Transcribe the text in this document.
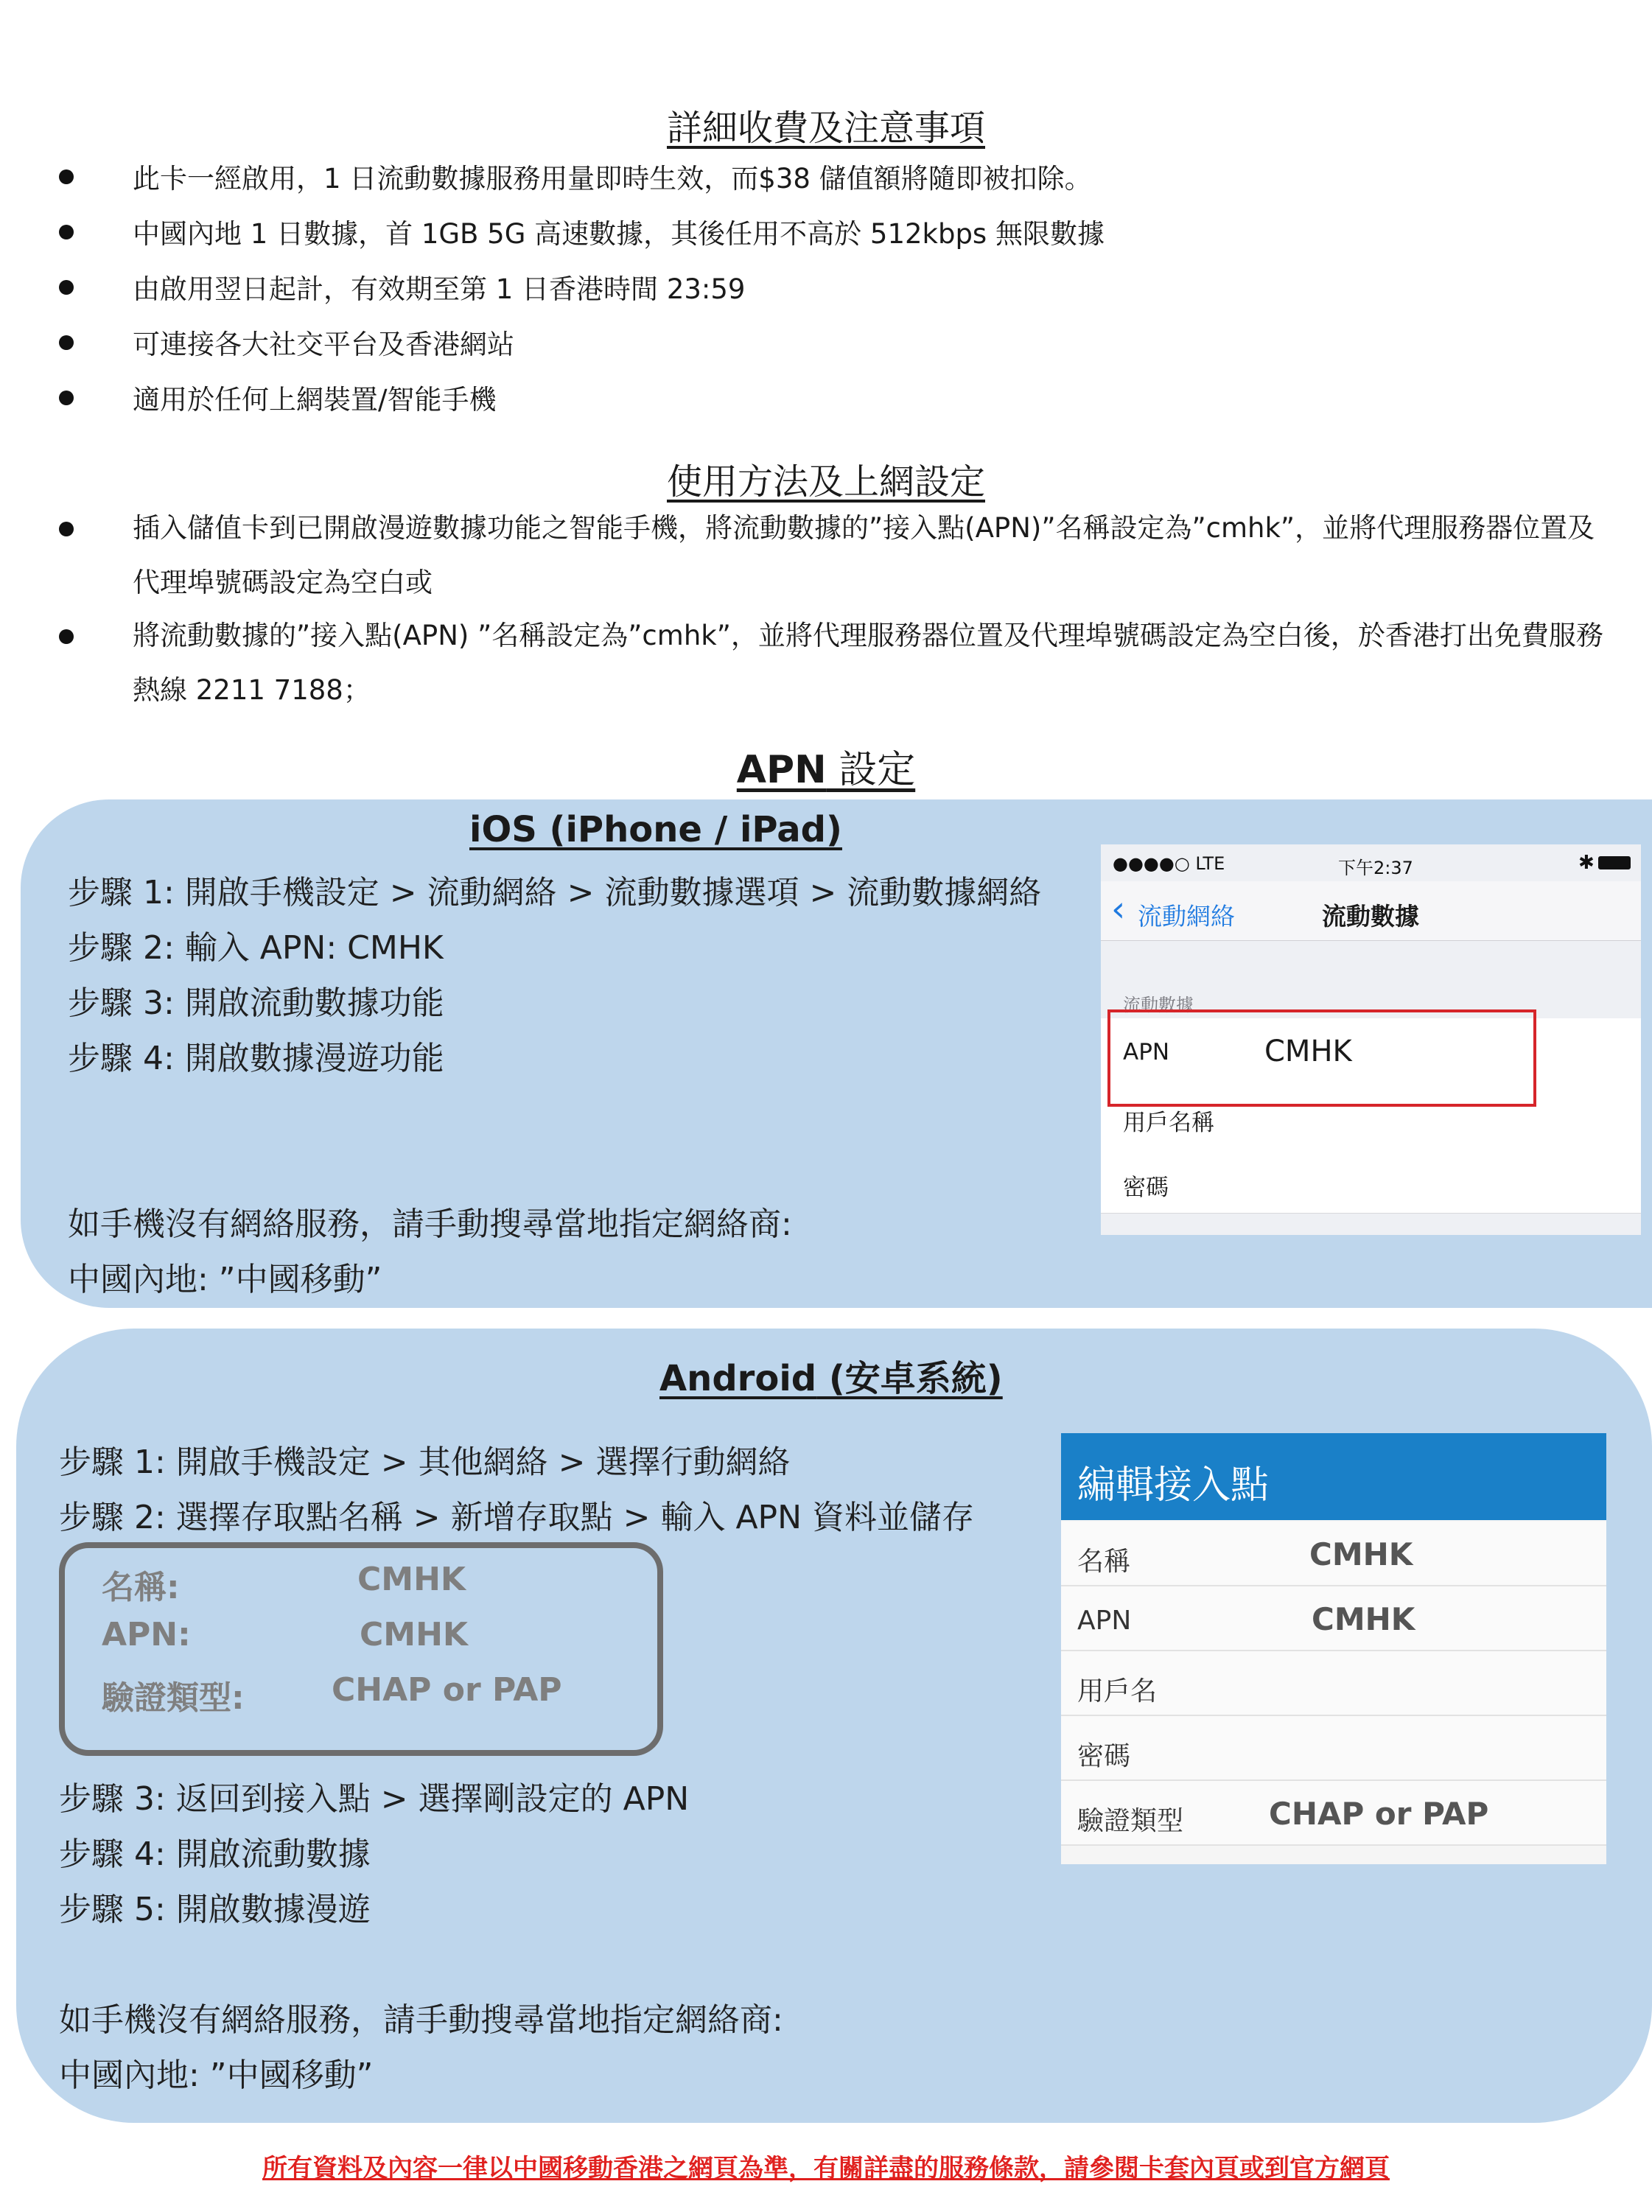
詳細收費及注意事項
此卡一經啟用，1 日流動數據服務用量即時生效，而$38 儲值額將隨即被扣除。
中國內地 1 日數據，首 1GB 5G 高速數據，其後任用不高於 512kbps 無限數據
由啟用翌日起計，有效期至第 1 日香港時間 23:59
可連接各大社交平台及香港網站
適用於任何上網裝置/智能手機
使用方法及上網設定
插入儲值卡到已開啟漫遊數據功能之智能手機，將流動數據的”接入點(APN)”名稱設定為”cmhk”，並將代理服務器位置及代理埠號碼設定為空白或
將流動數據的”接入點(APN) ”名稱設定為”cmhk”，並將代理服務器位置及代理埠號碼設定為空白後，於香港打出免費服務熱線 2211 7188；
APN 設定
iOS (iPhone / iPad)
步驟 1: 開啟手機設定 > 流動網絡 > 流動數據選項 > 流動數據網絡
步驟 2: 輸入 APN: CMHK
步驟 3: 開啟流動數據功能
步驟 4: 開啟數據漫遊功能
如手機沒有網絡服務，請手動搜尋當地指定網絡商:
中國內地: ”中國移動”
●●●●○ LTE	下午2:37	✱
‹ 流動網絡	流動數據
流動數據
APN	CMHK
用戶名稱
密碼
Android (安卓系統)
步驟 1: 開啟手機設定 > 其他網絡 > 選擇行動網絡
步驟 2: 選擇存取點名稱 > 新增存取點 > 輸入 APN 資料並儲存
名稱:	CMHK
APN:	CMHK
驗證類型:	CHAP or PAP
步驟 3: 返回到接入點 > 選擇剛設定的 APN
步驟 4: 開啟流動數據
步驟 5: 開啟數據漫遊
如手機沒有網絡服務，請手動搜尋當地指定網絡商:
中國內地: ”中國移動”
編輯接入點
名稱	CMHK
APN	CMHK
用戶名
密碼
驗證類型	CHAP or PAP
所有資料及內容一律以中國移動香港之網頁為準，有關詳盡的服務條款，請參閱卡套內頁或到官方網頁
